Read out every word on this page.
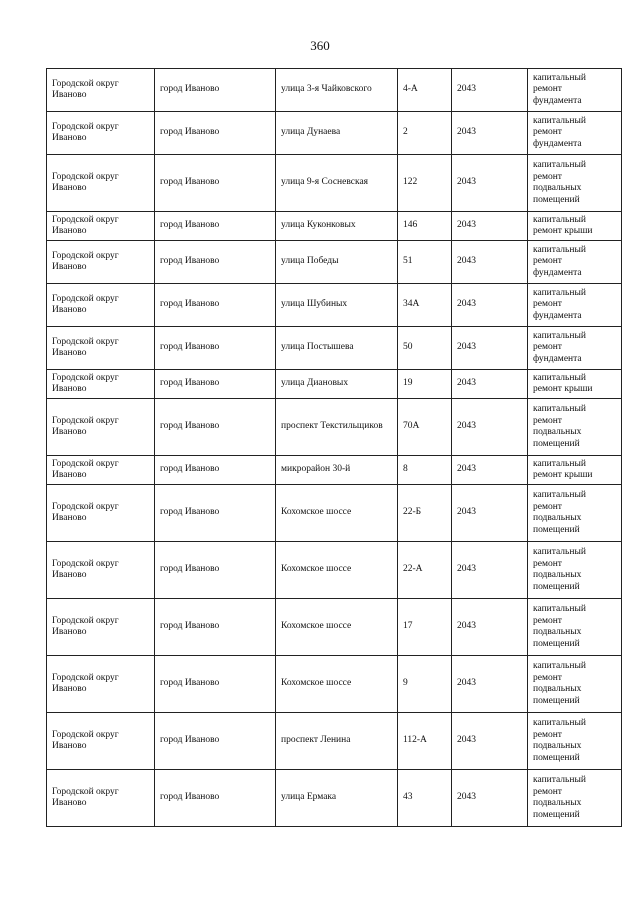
360
Городской округ Иваново	город Иваново	улица 3-я Чайковского	4-А	2043	капитальный
ремонт
фундамента

Городской округ Иваново	город Иваново	улица Дунаева	2	2043	капитальный
ремонт
фундамента

Городской округ Иваново	город Иваново	улица 9-я Сосневская	122	2043	капитальный
ремонт
подвальных
помещений

Городской округ Иваново	город Иваново	улица Куконковых	146	2043	капитальный
ремонт крыши

Городской округ Иваново	город Иваново	улица Победы	51	2043	капитальный
ремонт
фундамента

Городской округ Иваново	город Иваново	улица Шубиных	34А	2043	капитальный
ремонт
фундамента

Городской округ Иваново	город Иваново	улица Постышева	50	2043	капитальный
ремонт
фундамента

Городской округ Иваново	город Иваново	улица Диановых	19	2043	капитальный
ремонт крыши

Городской округ Иваново	город Иваново	проспект Текстильщиков	70А	2043	капитальный
ремонт
подвальных
помещений

Городской округ Иваново	город Иваново	микрорайон 30-й	8	2043	капитальный
ремонт крыши

Городской округ Иваново	город Иваново	Кохомское шоссе	22-Б	2043	капитальный
ремонт
подвальных
помещений

Городской округ Иваново	город Иваново	Кохомское шоссе	22-А	2043	капитальный
ремонт
подвальных
помещений

Городской округ Иваново	город Иваново	Кохомское шоссе	17	2043	капитальный
ремонт
подвальных
помещений

Городской округ Иваново	город Иваново	Кохомское шоссе	9	2043	капитальный
ремонт
подвальных
помещений

Городской округ Иваново	город Иваново	проспект Ленина	112-А	2043	капитальный
ремонт
подвальных
помещений

Городской округ Иваново	город Иваново	улица Ермака	43	2043	капитальный
ремонт
подвальных
помещений
